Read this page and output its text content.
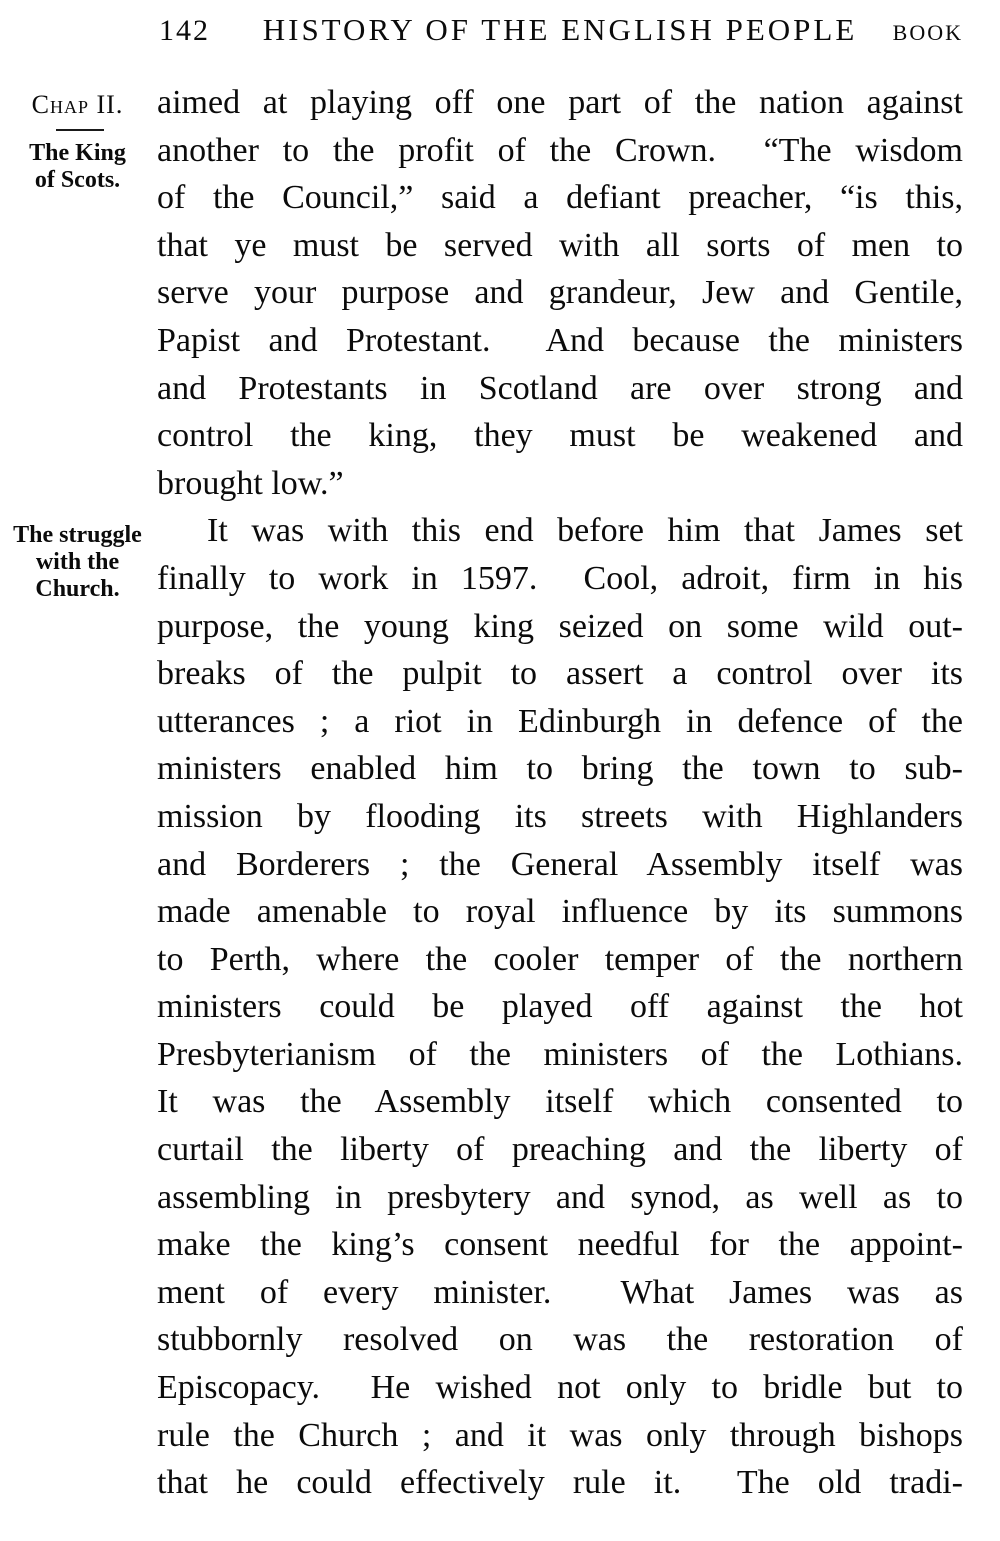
142	HISTORY OF THE ENGLISH PEOPLE	BOOK
Chap II.
The King
of Scots.
The struggle
with the
Church.
aimed at playing off one part of the nation against
another to the profit of the Crown.  “The wisdom
of the Council,” said a defiant preacher, “is this,
that ye must be served with all sorts of men to
serve your purpose and grandeur, Jew and Gentile,
Papist and Protestant.  And because the ministers
and Protestants in Scotland are over strong and
control the king, they must be weakened and
brought low.”
It was with this end before him that James set
finally to work in 1597.  Cool, adroit, firm in his
purpose, the young king seized on some wild out-
breaks of the pulpit to assert a control over its
utterances ; a riot in Edinburgh in defence of the
ministers enabled him to bring the town to sub-
mission by flooding its streets with Highlanders
and Borderers ; the General Assembly itself was
made amenable to royal influence by its summons
to Perth, where the cooler temper of the northern
ministers could be played off against the hot
Presbyterianism of the ministers of the Lothians.
It was the Assembly itself which consented to
curtail the liberty of preaching and the liberty of
assembling in presbytery and synod, as well as to
make the king’s consent needful for the appoint-
ment of every minister.  What James was as
stubbornly resolved on was the restoration of
Episcopacy.  He wished not only to bridle but to
rule the Church ; and it was only through bishops
that he could effectively rule it.  The old tradi-
